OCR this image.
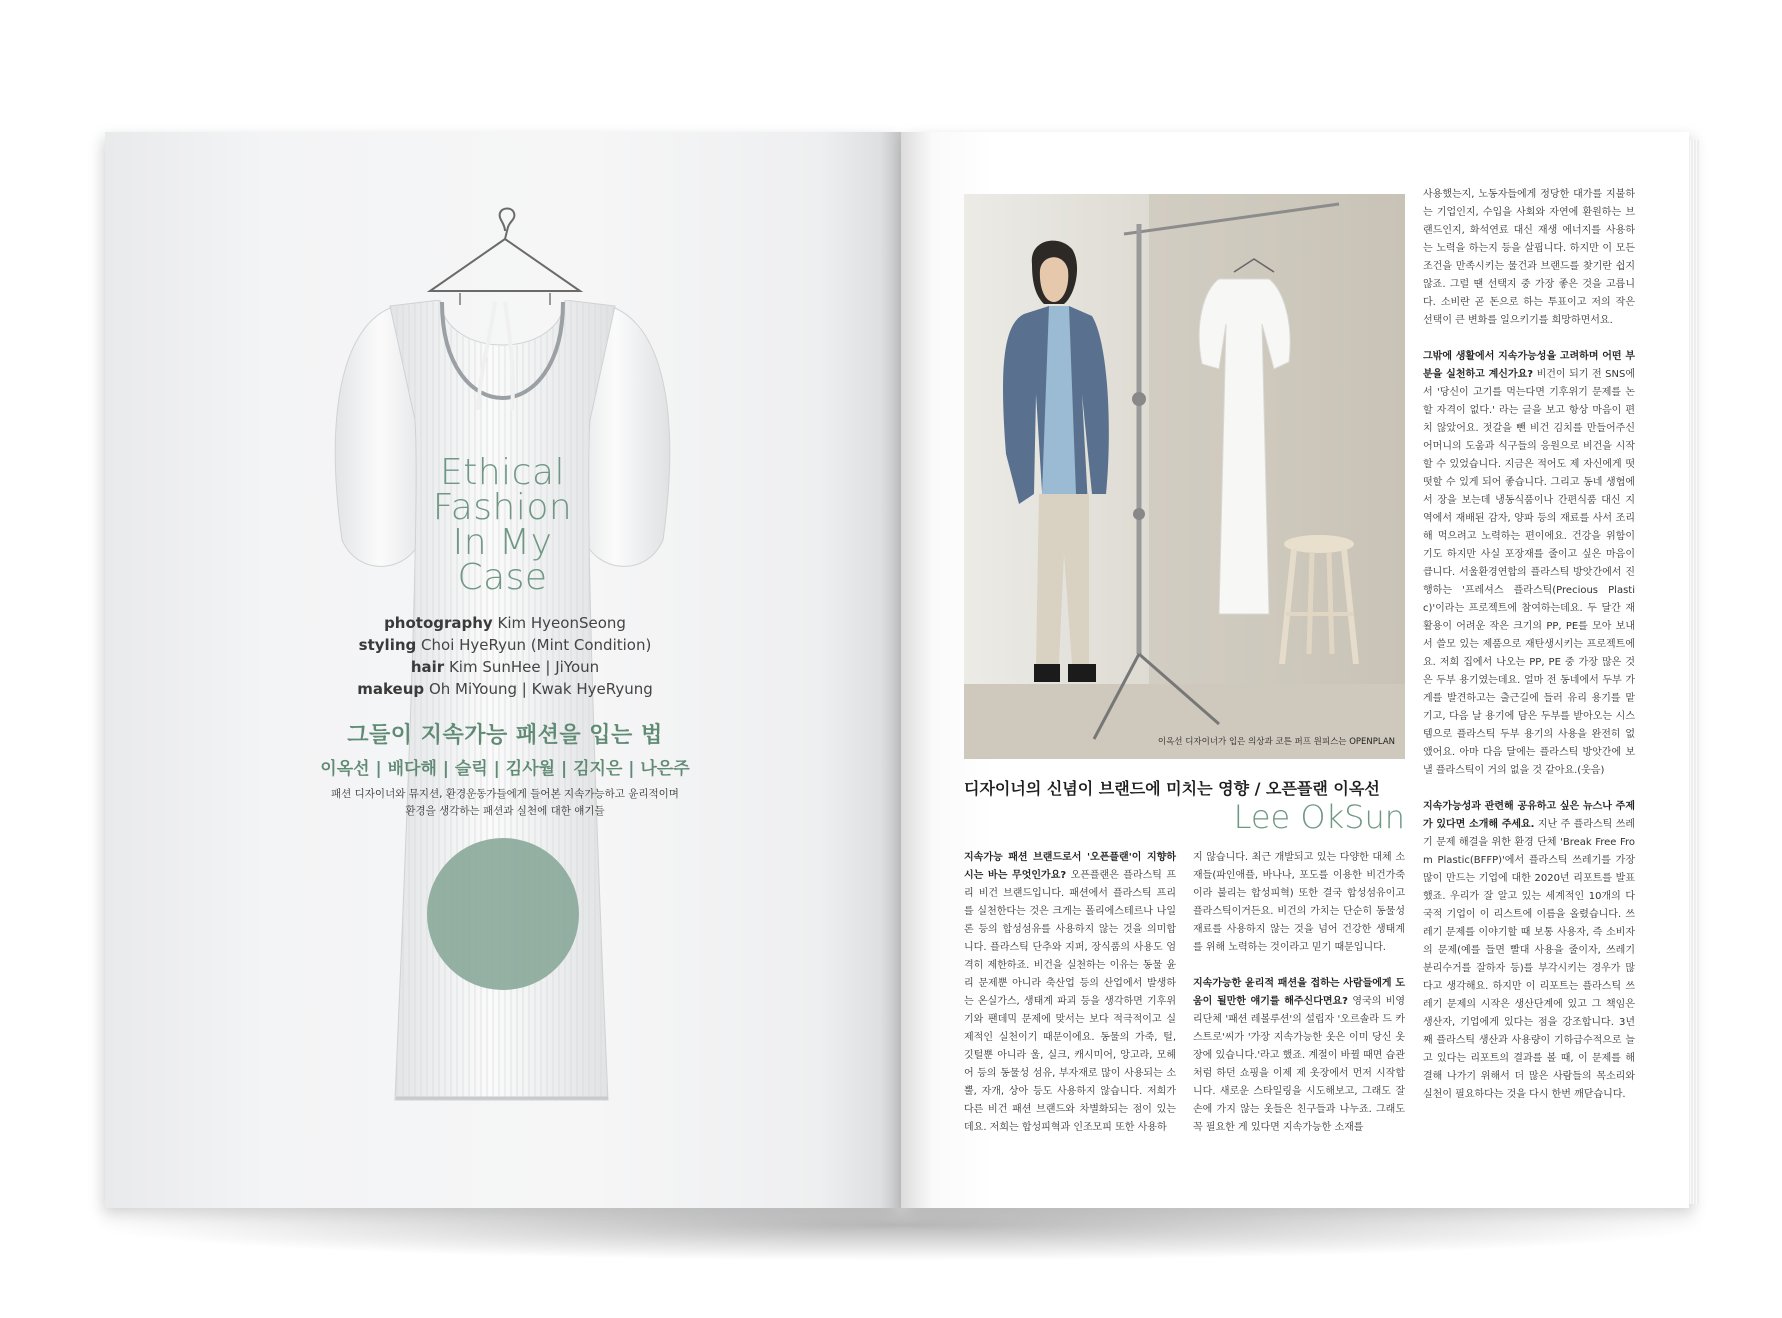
Ethical
Fashion
In My
Case
photography Kim HyeonSeong
styling Choi HyeRyun (Mint Condition)
hair Kim SunHee | JiYoun
makeup Oh MiYoung | Kwak HyeRyung
그들이 지속가능 패션을 입는 법
이옥선 | 배다해 | 슬릭 | 김사월 | 김지은 | 나은주
패션 디자이너와 뮤지션, 환경운동가들에게 들어본 지속가능하고 윤리적이며
환경을 생각하는 패션과 실천에 대한 얘기들
이옥선 디자이너가 입은 의상과 코튼 퍼프 원피스는 OPENPLAN
디자이너의 신념이 브랜드에 미치는 영향 / 오픈플랜 이옥선
Lee OkSun

지속가능 패션 브랜드로서 '오픈플랜'이 지향하시는 바는 무엇인가요? 오픈플랜은 플라스틱 프리 비건 브랜드입니다. 패션에서 플라스틱 프리를 실천한다는 것은 크게는 폴리에스테르나 나일론 등의 합성섬유를 사용하지 않는 것을 의미합니다. 플라스틱 단추와 지퍼, 장식품의 사용도 엄격히 제한하죠. 비건을 실천하는 이유는 동물 윤리 문제뿐 아니라 축산업 등의 산업에서 발생하는 온실가스, 생태계 파괴 등을 생각하면 기후위기와 팬데믹 문제에 맞서는 보다 적극적이고 실제적인 실천이기 때문이에요. 동물의 가죽, 털, 깃털뿐 아니라 울, 실크, 캐시미어, 앙고라, 모헤어 등의 동물성 섬유, 부자재로 많이 사용되는 소뿔, 자개, 상아 등도 사용하지 않습니다. 저희가 다른 비건 패션 브랜드와 차별화되는 점이 있는데요. 저희는 합성피혁과 인조모피 또한 사용하

지 않습니다. 최근 개발되고 있는 다양한 대체 소재들(파인애플, 바나나, 포도를 이용한 비건가죽이라 불리는 합성피혁) 또한 결국 합성섬유이고 플라스틱이거든요. 비건의 가치는 단순히 동물성 재료를 사용하지 않는 것을 넘어 건강한 생태계를 위해 노력하는 것이라고 믿기 때문입니다.

지속가능한 윤리적 패션을 접하는 사람들에게 도움이 될만한 얘기를 해주신다면요? 영국의 비영리단체 '패션 레볼루션'의 설립자 '오르솔라 드 카스트로'씨가 '가장 지속가능한 옷은 이미 당신 옷장에 있습니다.'라고 했죠. 계절이 바뀔 때면 습관처럼 하던 쇼핑을 이제 제 옷장에서 먼저 시작합니다. 새로운 스타일링을 시도해보고, 그래도 잘 손에 가지 않는 옷들은 친구들과 나누죠. 그래도 꼭 필요한 게 있다면 지속가능한 소재를

사용했는지, 노동자들에게 정당한 대가를 지불하는 기업인지, 수입을 사회와 자연에 환원하는 브랜드인지, 화석연료 대신 재생 에너지를 사용하는 노력을 하는지 등을 살핍니다. 하지만 이 모든 조건을 만족시키는 물건과 브랜드를 찾기란 쉽지 않죠. 그럴 땐 선택지 중 가장 좋은 것을 고릅니다. 소비란 곧 돈으로 하는 투표이고 저의 작은 선택이 큰 변화를 일으키기를 희망하면서요.

그밖에 생활에서 지속가능성을 고려하며 어떤 부분을 실천하고 계신가요? 비건이 되기 전 SNS에서 '당신이 고기를 먹는다면 기후위기 문제를 논할 자격이 없다.' 라는 글을 보고 항상 마음이 편치 않았어요. 젓갈을 뺀 비건 김치를 만들어주신 어머니의 도움과 식구들의 응원으로 비건을 시작할 수 있었습니다. 지금은 적어도 제 자신에게 떳떳할 수 있게 되어 좋습니다. 그리고 동네 생협에서 장을 보는데 냉동식품이나 간편식품 대신 지역에서 재배된 감자, 양파 등의 재료를 사서 조리해 먹으려고 노력하는 편이에요. 건강을 위함이기도 하지만 사실 포장재를 줄이고 싶은 마음이 큽니다. 서울환경연합의 플라스틱 방앗간에서 진행하는 '프레셔스 플라스틱(Precious Plastic)'이라는 프로젝트에 참여하는데요. 두 달간 재활용이 어려운 작은 크기의 PP, PE를 모아 보내서 쓸모 있는 제품으로 재탄생시키는 프로젝트에요. 저희 집에서 나오는 PP, PE 중 가장 많은 것은 두부 용기였는데요. 얼마 전 동네에서 두부 가게를 발견하고는 출근길에 들러 유리 용기를 맡기고, 다음 날 용기에 담은 두부를 받아오는 시스템으로 플라스틱 두부 용기의 사용을 완전히 없앴어요. 아마 다음 달에는 플라스틱 방앗간에 보낼 플라스틱이 거의 없을 것 같아요.(웃음)

지속가능성과 관련해 공유하고 싶은 뉴스나 주제가 있다면 소개해 주세요. 지난 주 플라스틱 쓰레기 문제 해결을 위한 환경 단체 'Break Free From Plastic(BFFP)'에서 플라스틱 쓰레기를 가장 많이 만드는 기업에 대한 2020년 리포트를 발표했죠. 우리가 잘 알고 있는 세계적인 10개의 다국적 기업이 이 리스트에 이름을 올렸습니다. 쓰레기 문제를 이야기할 때 보통 사용자, 즉 소비자의 문제(예를 들면 빨대 사용을 줄이자, 쓰레기 분리수거를 잘하자 등)를 부각시키는 경우가 많다고 생각해요. 하지만 이 리포트는 플라스틱 쓰레기 문제의 시작은 생산단계에 있고 그 책임은 생산자, 기업에게 있다는 점을 강조합니다. 3년째 플라스틱 생산과 사용량이 기하급수적으로 늘고 있다는 리포트의 결과를 볼 때, 이 문제를 해결해 나가기 위해서 더 많은 사람들의 목소리와 실천이 필요하다는 것을 다시 한번 깨닫습니다.
